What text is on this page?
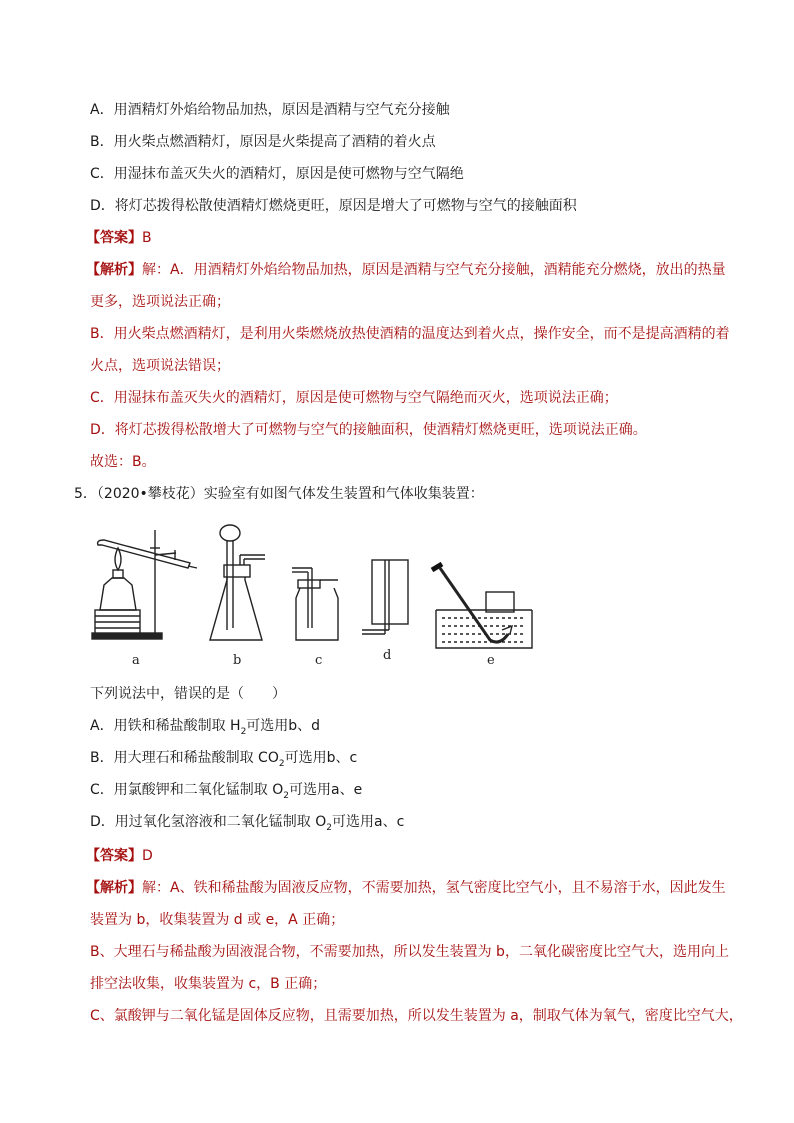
A．用酒精灯外焰给物品加热，原因是酒精与空气充分接触
B．用火柴点燃酒精灯，原因是火柴提高了酒精的着火点
C．用湿抹布盖灭失火的酒精灯，原因是使可燃物与空气隔绝
D．将灯芯拨得松散使酒精灯燃烧更旺，原因是增大了可燃物与空气的接触面积
【答案】B
【解析】解：A．用酒精灯外焰给物品加热，原因是酒精与空气充分接触，酒精能充分燃烧，放出的热量
更多，选项说法正确；
B．用火柴点燃酒精灯，是利用火柴燃烧放热使酒精的温度达到着火点，操作安全，而不是提高酒精的着
火点，选项说法错误；
C．用湿抹布盖灭失火的酒精灯，原因是使可燃物与空气隔绝而灭火，选项说法正确；
D．将灯芯拨得松散增大了可燃物与空气的接触面积，使酒精灯燃烧更旺，选项说法正确。
故选：B。
5．（2020•攀枝花）实验室有如图气体发生装置和气体收集装置：
a	b	c	d	e
下列说法中，错误的是（　　）
A．用铁和稀盐酸制取 $H_2$可选用b、d
B．用大理石和稀盐酸制取 $CO_2$可选用b、c
C．用氯酸钾和二氧化锰制取 $O_2$可选用a、e
D．用过氧化氢溶液和二氧化锰制取 $O_2$可选用a、c
【答案】D
【解析】解：A、铁和稀盐酸为固液反应物，不需要加热，氢气密度比空气小，且不易溶于水，因此发生
装置为 b，收集装置为 d 或 e，A 正确；
B、大理石与稀盐酸为固液混合物，不需要加热，所以发生装置为 b，二氧化碳密度比空气大，选用向上
排空法收集，收集装置为 c，B 正确；
C、氯酸钾与二氧化锰是固体反应物，且需要加热，所以发生装置为 a，制取气体为氧气，密度比空气大，
